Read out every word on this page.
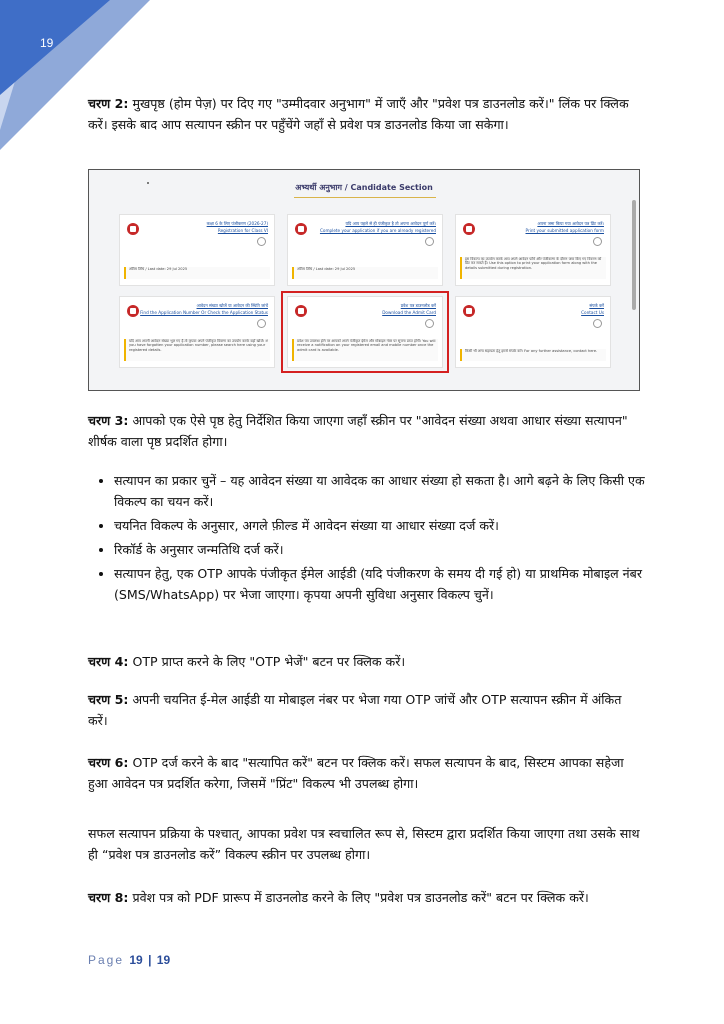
19

चरण 2: मुखपृष्ठ (होम पेज़) पर दिए गए "उम्मीदवार अनुभाग" में जाएँ और "प्रवेश पत्र डाउनलोड करें।" लिंक पर क्लिक करें। इसके बाद आप सत्यापन स्क्रीन पर पहुँचेंगे जहाँ से प्रवेश पत्र डाउनलोड किया जा सकेगा।

अभ्यर्थी अनुभाग / Candidate Section
कक्षा 6 के लिए पंजीकरण (2026-27)
Registration for Class VI
अंतिम तिथि / Last date: 29 Jul 2025
यदि आप पहले से ही पंजीकृत है तो अपना आवेदन पूर्ण करें।
Complete your application if you are already registered
अंतिम तिथि / Last date: 29 Jul 2025
अपना जमा किया गया आवेदन पत्र प्रिंट करें।
Print your submitted application form
इस विकल्प का उपयोग करके आप अपने आवेदन फॉर्म और पंजीकरण के दौरान जमा किए गए विवरण को प्रिंट कर सकते हैं। Use this option to print your application form along with the details submitted during registration.
आवेदन संख्या खोजें या आवेदन की स्थिति जांचें
Find the Application Number Or Check the Application Status
यदि आप अपनी आवेदन संख्या भूल गए हैं तो कृपया अपने पंजीकृत विवरण का उपयोग करके यहाँ खोजें। If you have forgotten your application number, please search here using your registered details.
प्रवेश पत्र डाउनलोड करें
Download the Admit Card
प्रवेश पत्र उपलब्ध होने पर आपको अपने पंजीकृत ईमेल और मोबाइल नंबर पर सूचना प्राप्त होगी। You will receive a notification on your registered email and mobile number once the admit card is available.
संपर्क करें
Contact Us
किसी भी अन्य सहायता हेतु हमसे संपर्क करें। For any further assistance, contact here.

चरण 3: आपको एक ऐसे पृष्ठ हेतु निर्देशित किया जाएगा जहाँ स्क्रीन पर "आवेदन संख्या अथवा आधार संख्या सत्यापन" शीर्षक वाला पृष्ठ प्रदर्शित होगा।

• सत्यापन का प्रकार चुनें – यह आवेदन संख्या या आवेदक का आधार संख्या हो सकता है। आगे बढ़ने के लिए किसी एक विकल्प का चयन करें।
• चयनित विकल्प के अनुसार, अगले फ़ील्ड में आवेदन संख्या या आधार संख्या दर्ज करें।
• रिकॉर्ड के अनुसार जन्मतिथि दर्ज करें।
• सत्यापन हेतु, एक OTP आपके पंजीकृत ईमेल आईडी (यदि पंजीकरण के समय दी गई हो) या प्राथमिक मोबाइल नंबर (SMS/WhatsApp) पर भेजा जाएगा। कृपया अपनी सुविधा अनुसार विकल्प चुनें।

चरण 4: OTP प्राप्त करने के लिए "OTP भेजें" बटन पर क्लिक करें।

चरण 5: अपनी चयनित ई-मेल आईडी या मोबाइल नंबर पर भेजा गया OTP जांचें और OTP सत्यापन स्क्रीन में अंकित करें।

चरण 6: OTP दर्ज करने के बाद "सत्यापित करें" बटन पर क्लिक करें। सफल सत्यापन के बाद, सिस्टम आपका सहेजा हुआ आवेदन पत्र प्रदर्शित करेगा, जिसमें "प्रिंट" विकल्प भी उपलब्ध होगा।

सफल सत्यापन प्रक्रिया के पश्चात्, आपका प्रवेश पत्र स्वचालित रूप से, सिस्टम द्वारा प्रदर्शित किया जाएगा तथा उसके साथ ही “प्रवेश पत्र डाउनलोड करें” विकल्प स्क्रीन पर उपलब्ध होगा।

चरण 8: प्रवेश पत्र को PDF प्रारूप में डाउनलोड करने के लिए "प्रवेश पत्र डाउनलोड करें" बटन पर क्लिक करें।

Page 19 | 19
